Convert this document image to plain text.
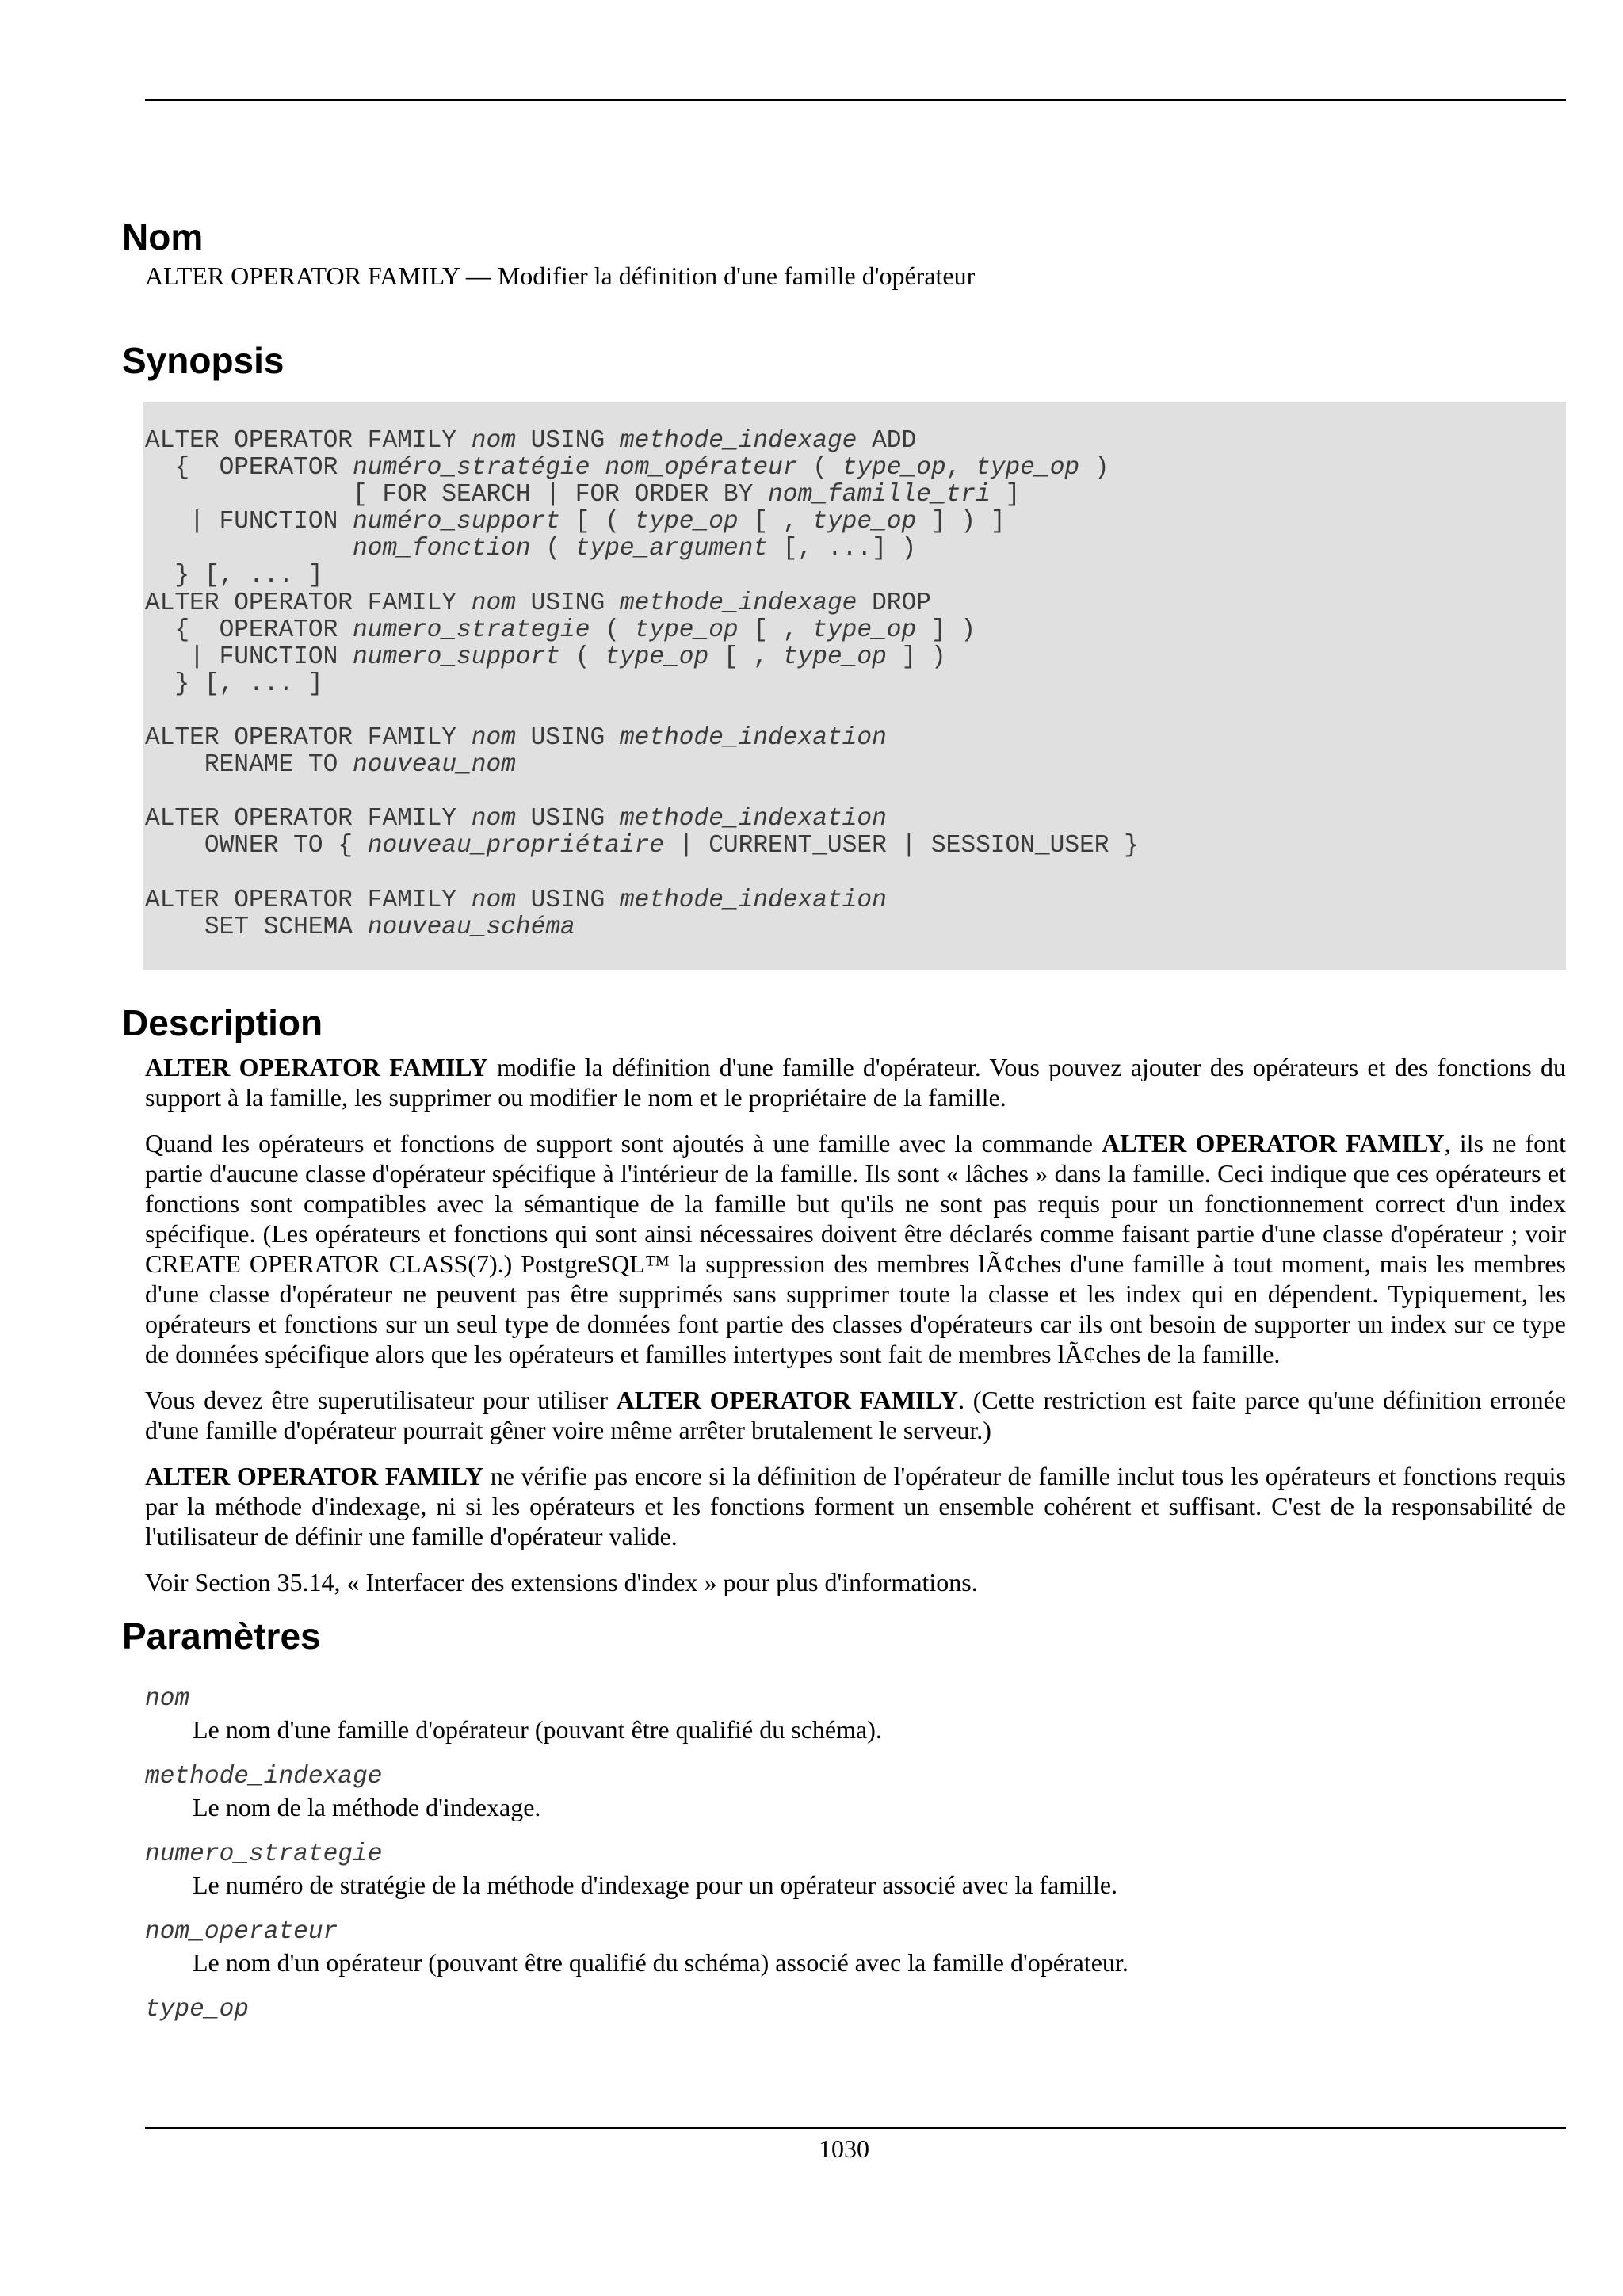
Nom

ALTER OPERATOR FAMILY — Modifier la définition d'une famille d'opérateur

Synopsis
ALTER OPERATOR FAMILY nom USING methode_indexage ADD
{  OPERATOR numéro_stratégie nom_opérateur ( type_op, type_op )
[ FOR SEARCH | FOR ORDER BY nom_famille_tri ]
| FUNCTION numéro_support [ ( type_op [ , type_op ] ) ]
nom_fonction ( type_argument [, ...] )
} [, ... ]
ALTER OPERATOR FAMILY nom USING methode_indexage DROP
{  OPERATOR numero_strategie ( type_op [ , type_op ] )
| FUNCTION numero_support ( type_op [ , type_op ] )
} [, ... ]
ALTER OPERATOR FAMILY nom USING methode_indexation
RENAME TO nouveau_nom
ALTER OPERATOR FAMILY nom USING methode_indexation
OWNER TO { nouveau_propriétaire | CURRENT_USER | SESSION_USER }
ALTER OPERATOR FAMILY nom USING methode_indexation
SET SCHEMA nouveau_schéma
Description

ALTER OPERATOR FAMILY modifie la définition d'une famille d'opérateur. Vous pouvez ajouter des opérateurs et des fonctions du support à la famille, les supprimer ou modifier le nom et le propriétaire de la famille.

Quand les opérateurs et fonctions de support sont ajoutés à une famille avec la commande ALTER OPERATOR FAMILY, ils ne font partie d'aucune classe d'opérateur spécifique à l'intérieur de la famille. Ils sont « lâches » dans la famille. Ceci indique que ces opérateurs et fonctions sont compatibles avec la sémantique de la famille but qu'ils ne sont pas requis pour un fonctionnement correct d'un index spécifique. (Les opérateurs et fonctions qui sont ainsi nécessaires doivent être déclarés comme faisant partie d'une classe d'opérateur ; voir CREATE OPERATOR CLASS(7).) PostgreSQL™ la suppression des membres lÃ¢ches d'une famille à tout moment, mais les membres d'une classe d'opérateur ne peuvent pas être supprimés sans supprimer toute la classe et les index qui en dépendent. Typiquement, les opérateurs et fonctions sur un seul type de données font partie des classes d'opérateurs car ils ont besoin de supporter un index sur ce type de données spécifique alors que les opérateurs et familles intertypes sont fait de membres lÃ¢ches de la famille.

Vous devez être superutilisateur pour utiliser ALTER OPERATOR FAMILY. (Cette restriction est faite parce qu'une définition erronée d'une famille d'opérateur pourrait gêner voire même arrêter brutalement le serveur.)

ALTER OPERATOR FAMILY ne vérifie pas encore si la définition de l'opérateur de famille inclut tous les opérateurs et fonctions requis par la méthode d'indexage, ni si les opérateurs et les fonctions forment un ensemble cohérent et suffisant. C'est de la responsabilité de l'utilisateur de définir une famille d'opérateur valide.

Voir Section 35.14, « Interfacer des extensions d'index » pour plus d'informations.

Paramètres
nom
Le nom d'une famille d'opérateur (pouvant être qualifié du schéma).
methode_indexage
Le nom de la méthode d'indexage.
numero_strategie
Le numéro de stratégie de la méthode d'indexage pour un opérateur associé avec la famille.
nom_operateur
Le nom d'un opérateur (pouvant être qualifié du schéma) associé avec la famille d'opérateur.
type_op
1030
